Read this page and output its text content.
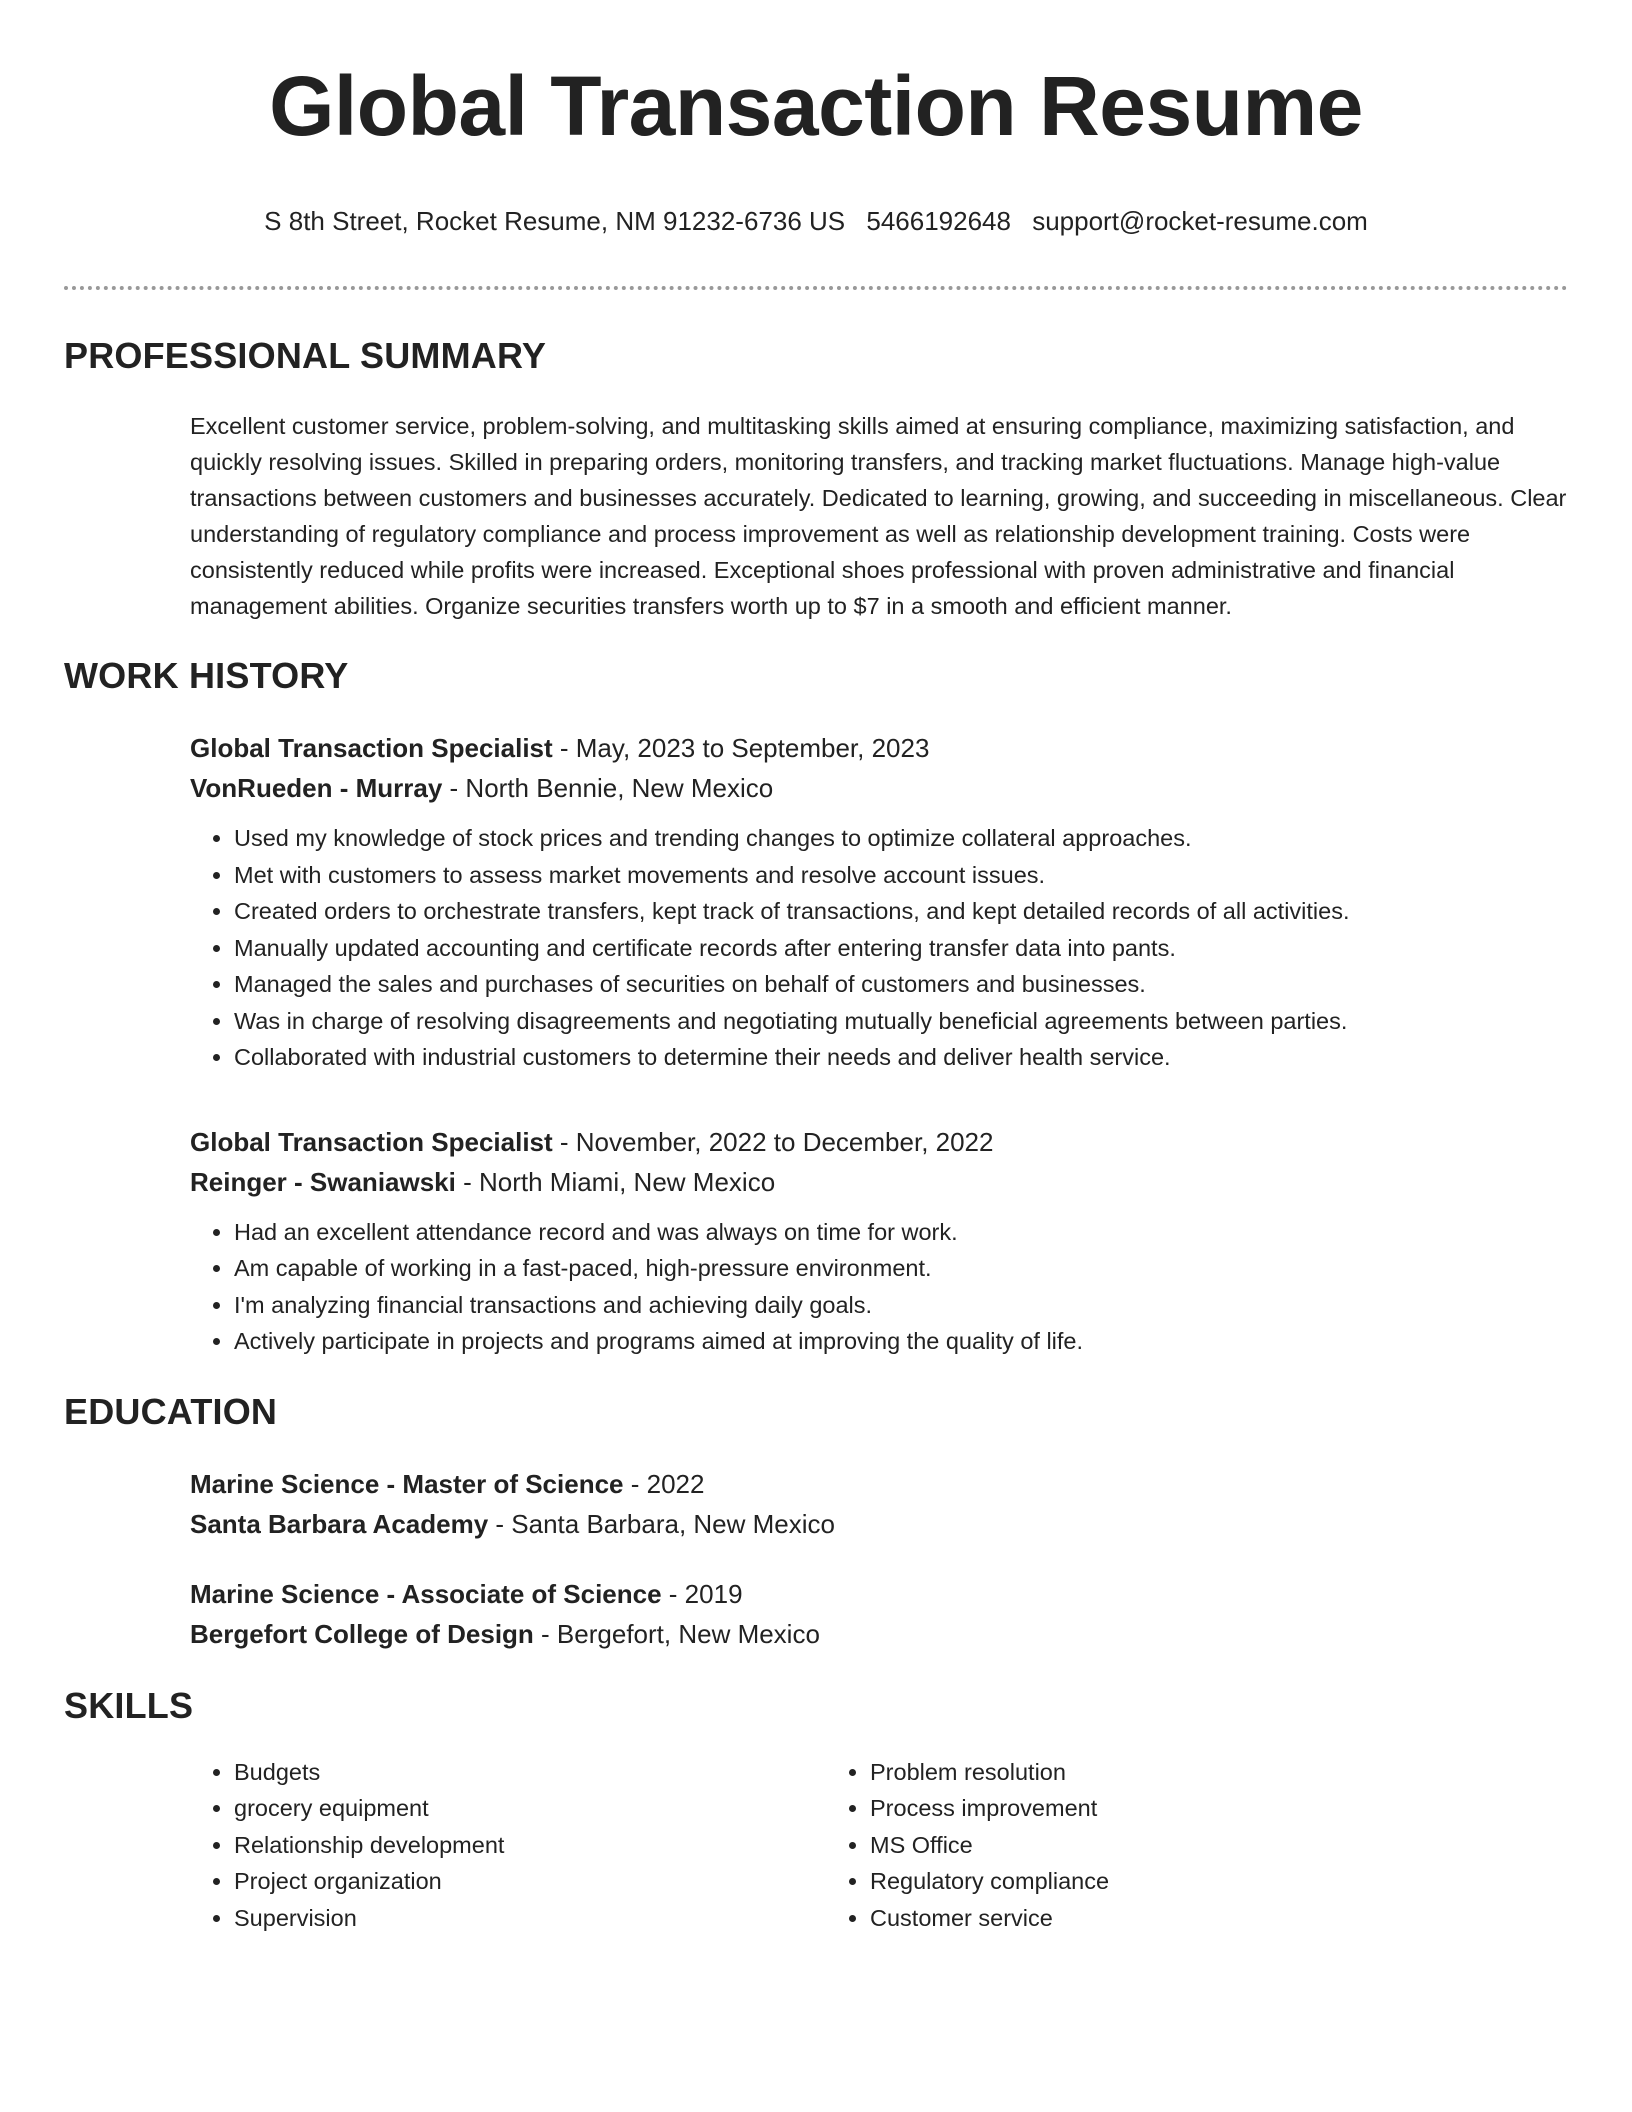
Global Transaction Resume
S 8th Street, Rocket Resume, NM 91232-6736 US 5466192648 support@rocket-resume.com
PROFESSIONAL SUMMARY

Excellent customer service, problem-solving, and multitasking skills aimed at ensuring compliance, maximizing satisfaction, and quickly resolving issues. Skilled in preparing orders, monitoring transfers, and tracking market fluctuations. Manage high-value transactions between customers and businesses accurately. Dedicated to learning, growing, and succeeding in miscellaneous. Clear understanding of regulatory compliance and process improvement as well as relationship development training. Costs were consistently reduced while profits were increased. Exceptional shoes professional with proven administrative and financial management abilities. Organize securities transfers worth up to $7 in a smooth and efficient manner.

WORK HISTORY

Global Transaction Specialist - May, 2023 to September, 2023

VonRueden - Murray - North Bennie, New Mexico

• Used my knowledge of stock prices and trending changes to optimize collateral approaches.
• Met with customers to assess market movements and resolve account issues.
• Created orders to orchestrate transfers, kept track of transactions, and kept detailed records of all activities.
• Manually updated accounting and certificate records after entering transfer data into pants.
• Managed the sales and purchases of securities on behalf of customers and businesses.
• Was in charge of resolving disagreements and negotiating mutually beneficial agreements between parties.
• Collaborated with industrial customers to determine their needs and deliver health service.

Global Transaction Specialist - November, 2022 to December, 2022

Reinger - Swaniawski - North Miami, New Mexico

• Had an excellent attendance record and was always on time for work.
• Am capable of working in a fast-paced, high-pressure environment.
• I'm analyzing financial transactions and achieving daily goals.
• Actively participate in projects and programs aimed at improving the quality of life.
EDUCATION

Marine Science - Master of Science - 2022

Santa Barbara Academy - Santa Barbara, New Mexico

Marine Science - Associate of Science - 2019

Bergefort College of Design - Bergefort, New Mexico

SKILLS
• Budgets
• grocery equipment
• Relationship development
• Project organization
• Supervision
• Problem resolution
• Process improvement
• MS Office
• Regulatory compliance
• Customer service
